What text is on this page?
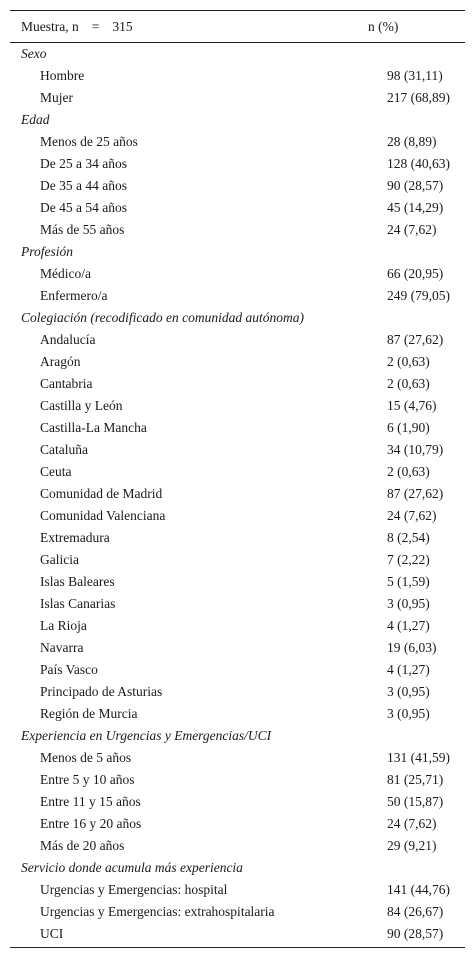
Muestra, n = 315	n (%)
Sexo
Hombre	98 (31,11)
Mujer	217 (68,89)
Edad
Menos de 25 años	28 (8,89)
De 25 a 34 años	128 (40,63)
De 35 a 44 años	90 (28,57)
De 45 a 54 años	45 (14,29)
Más de 55 años	24 (7,62)
Profesión
Médico/a	66 (20,95)
Enfermero/a	249 (79,05)
Colegiación (recodificado en comunidad autónoma)
Andalucía	87 (27,62)
Aragón	2 (0,63)
Cantabria	2 (0,63)
Castilla y León	15 (4,76)
Castilla-La Mancha	6 (1,90)
Cataluña	34 (10,79)
Ceuta	2 (0,63)
Comunidad de Madrid	87 (27,62)
Comunidad Valenciana	24 (7,62)
Extremadura	8 (2,54)
Galicia	7 (2,22)
Islas Baleares	5 (1,59)
Islas Canarias	3 (0,95)
La Rioja	4 (1,27)
Navarra	19 (6,03)
País Vasco	4 (1,27)
Principado de Asturias	3 (0,95)
Región de Murcia	3 (0,95)
Experiencia en Urgencias y Emergencias/UCI
Menos de 5 años	131 (41,59)
Entre 5 y 10 años	81 (25,71)
Entre 11 y 15 años	50 (15,87)
Entre 16 y 20 años	24 (7,62)
Más de 20 años	29 (9,21)
Servicio donde acumula más experiencia
Urgencias y Emergencias: hospital	141 (44,76)
Urgencias y Emergencias: extrahospitalaria	84 (26,67)
UCI	90 (28,57)
